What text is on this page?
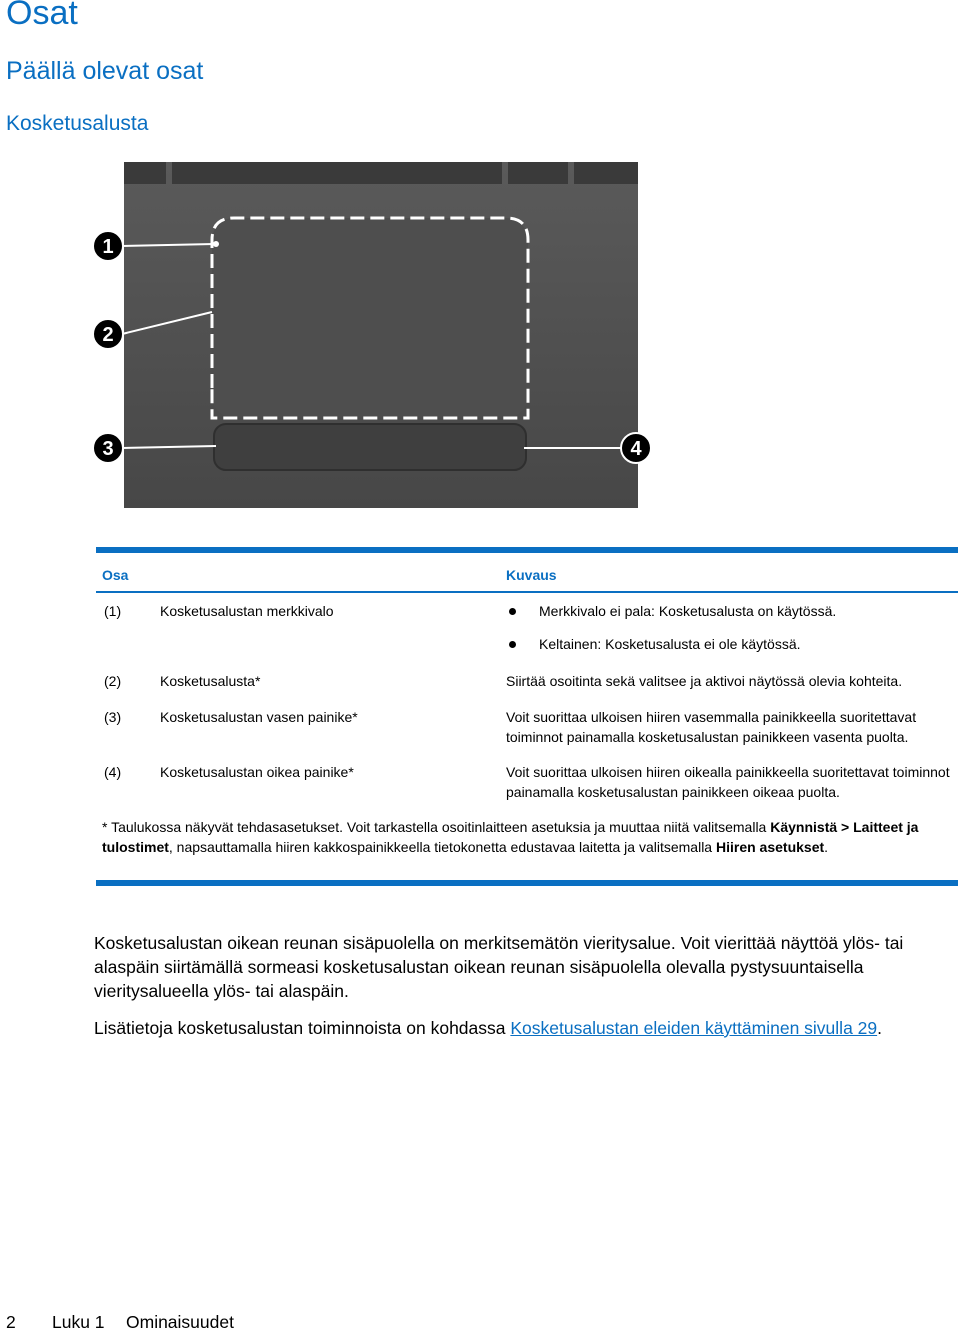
Osat
Päällä olevat osat
Kosketusalusta
1
2
3	4
Osa	Kuvaus
(1)	Kosketusalustan merkkivalo	Merkkivalo ei pala: Kosketusalusta on käytössä.
Keltainen: Kosketusalusta ei ole käytössä.
(2)	Kosketusalusta*	Siirtää osoitinta sekä valitsee ja aktivoi näytössä olevia kohteita.
(3)	Kosketusalustan vasen painike*	Voit suorittaa ulkoisen hiiren vasemmalla painikkeella suoritettavat toiminnot painamalla kosketusalustan painikkeen vasenta puolta.
(4)	Kosketusalustan oikea painike*	Voit suorittaa ulkoisen hiiren oikealla painikkeella suoritettavat toiminnot painamalla kosketusalustan painikkeen oikeaa puolta.
* Taulukossa näkyvät tehdasasetukset. Voit tarkastella osoitinlaitteen asetuksia ja muuttaa niitä valitsemalla Käynnistä > Laitteet ja tulostimet, napsauttamalla hiiren kakkospainikkeella tietokonetta edustavaa laitetta ja valitsemalla Hiiren asetukset.

Kosketusalustan oikean reunan sisäpuolella on merkitsemätön vieritysalue. Voit vierittää näyttöä ylös- tai alaspäin siirtämällä sormeasi kosketusalustan oikean reunan sisäpuolella olevalla pystysuuntaisella vieritysalueella ylös- tai alaspäin.

Lisätietoja kosketusalustan toiminnoista on kohdassa Kosketusalustan eleiden käyttäminen sivulla 29.

2 Luku 1 Ominaisuudet
